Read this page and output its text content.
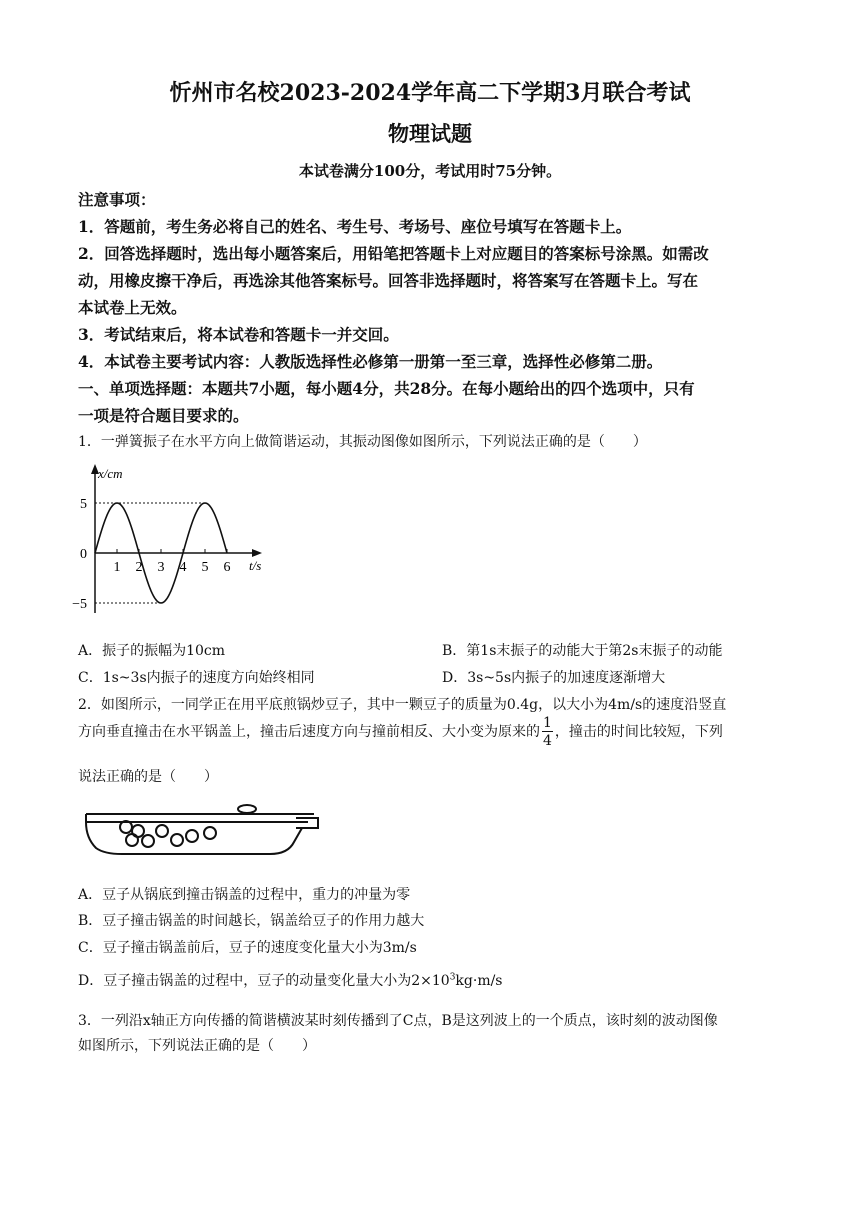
忻州市名校2023-2024学年高二下学期3月联合考试
物理试题
本试卷满分100分，考试用时75分钟。
注意事项：
1．答题前，考生务必将自己的姓名、考生号、考场号、座位号填写在答题卡上。
2．回答选择题时，选出每小题答案后，用铅笔把答题卡上对应题目的答案标号涂黑。如需改
动，用橡皮擦干净后，再选涂其他答案标号。回答非选择题时，将答案写在答题卡上。写在
本试卷上无效。
3．考试结束后，将本试卷和答题卡一并交回。
4．本试卷主要考试内容：人教版选择性必修第一册第一至三章，选择性必修第二册。
一、单项选择题：本题共7小题，每小题4分，共28分。在每小题给出的四个选项中，只有
一项是符合题目要求的。
1．一弹簧振子在水平方向上做简谐运动，其振动图像如图所示，下列说法正确的是（　　）
x/cm
t/s
5
0
−5
1 2 3 4 5 6
A．振子的振幅为10cm	B．第1s末振子的动能大于第2s末振子的动能
C．1s~3s内振子的速度方向始终相同	D．3s~5s内振子的加速度逐渐增大
2．如图所示，一同学正在用平底煎锅炒豆子，其中一颗豆子的质量为0.4g，以大小为4m/s的速度沿竖直
方向垂直撞击在水平锅盖上，撞击后速度方向与撞前相反、大小变为原来的 $\frac{1}{4}$ ，撞击的时间比较短，下列
说法正确的是（　　）
A．豆子从锅底到撞击锅盖的过程中，重力的冲量为零
B．豆子撞击锅盖的时间越长，锅盖给豆子的作用力越大
C．豆子撞击锅盖前后，豆子的速度变化量大小为3m/s
D．豆子撞击锅盖的过程中，豆子的动量变化量大小为$2\times 10^3kg\cdot m/s$
3．一列沿x轴正方向传播的简谐横波某时刻传播到了C点，B是这列波上的一个质点，该时刻的波动图像
如图所示，下列说法正确的是（　　）
